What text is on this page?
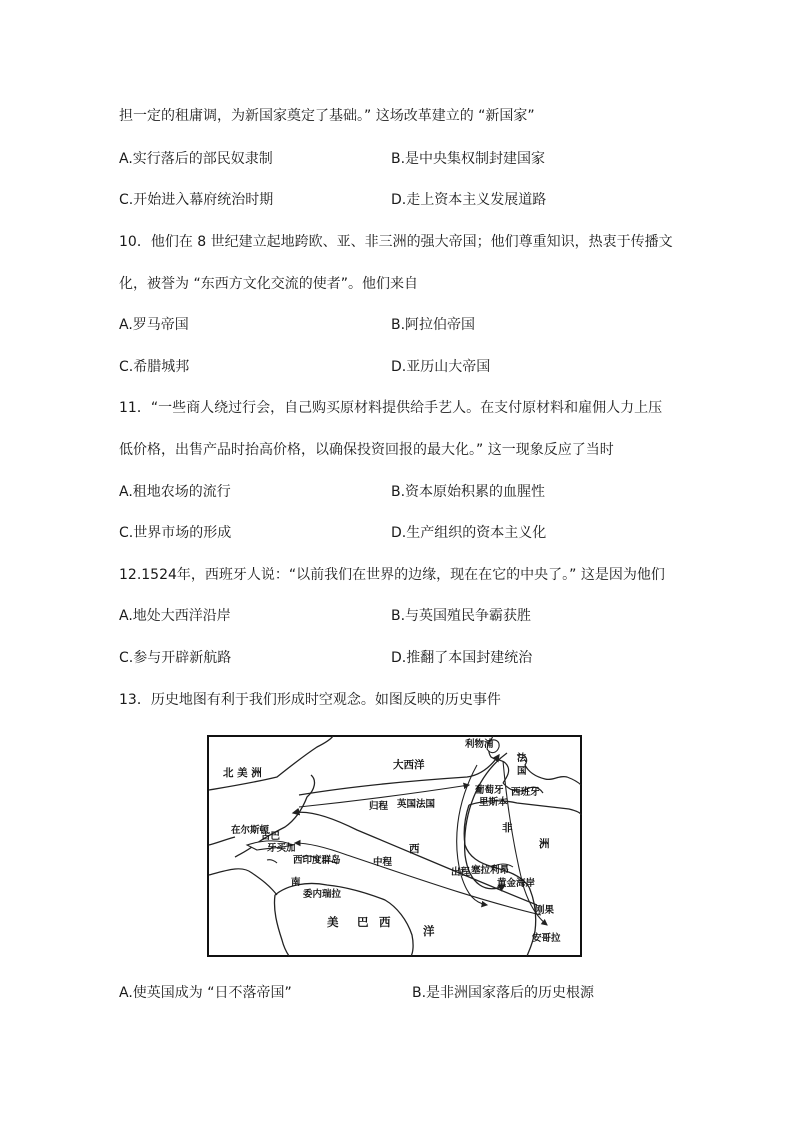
担一定的租庸调，为新国家奠定了基础。” 这场改革建立的 “新国家”
A.实行落后的部民奴隶制	B.是中央集权制封建国家
C.开始进入幕府统治时期	D.走上资本主义发展道路
10．他们在 8 世纪建立起地跨欧、亚、非三洲的强大帝国；他们尊重知识，热衷于传播文
化，被誉为 “东西方文化交流的使者”。他们来自
A.罗马帝国	B.阿拉伯帝国
C.希腊城邦	D.亚历山大帝国
11．“一些商人绕过行会，自己购买原材料提供给手艺人。在支付原材料和雇佣人力上压
低价格，出售产品时抬高价格，以确保投资回报的最大化。” 这一现象反应了当时
A.租地农场的流行	B.资本原始积累的血腥性
C.世界市场的形成	D.生产组织的资本主义化
12.1524年，西班牙人说：“以前我们在世界的边缘，现在在它的中央了。” 这是因为他们
A.地处大西洋沿岸	B.与英国殖民争霸获胜
C.参与开辟新航路	D.推翻了本国封建统治
13．历史地图有利于我们形成时空观念。如图反映的历史事件
北 美 洲
大西洋
利物浦
法
国
葡萄牙 西班牙
里斯本
归程 英国法国
在尔斯顿
古巴
牙买加
西印度群岛	中程
西
非
洲
出程 塞拉利昂
黄金海岸
刚果
安哥拉
南
委内瑞拉
美 巴 西
洋
A.使英国成为 “日不落帝国”	B.是非洲国家落后的历史根源
